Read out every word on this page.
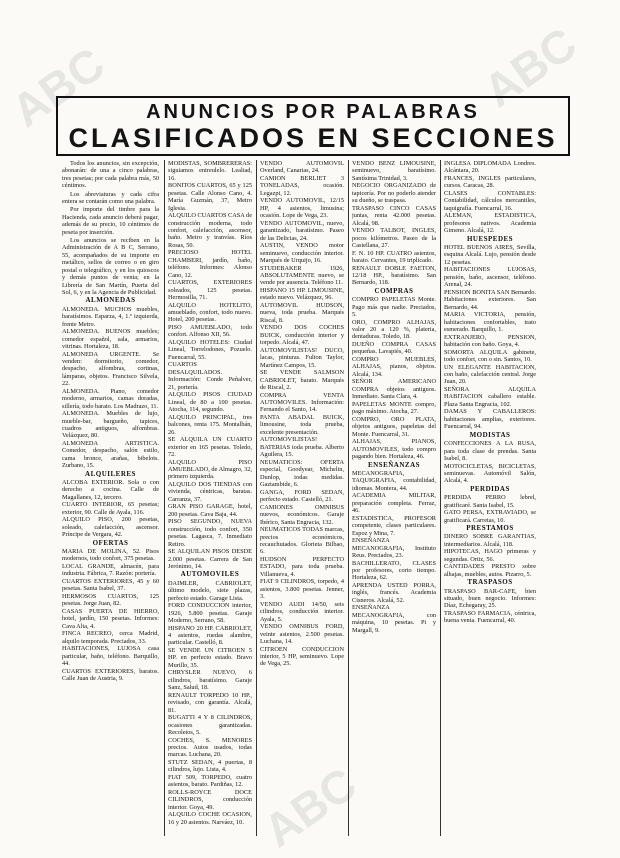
ABC	ABC
ABC
ANUNCIOS POR PALABRAS
CLASIFICADOS EN SECCIONES

Todos los anuncios, sin excepción, abonarán: de una a cinco palabras, tres pesetas; por cada palabra más, 50 céntimos.

Los abreviaturas y cada cifra entera se contarán como una palabra.

Por importe del timbre para la Hacienda, cada anuncio deberá pagar, además de su precio, 10 céntimos de peseta por inserción.

Los anuncios se reciben en la Administración de A B C, Serrano, 55, acompañados de su importe en metálico, sellos de correo o en giro postal o telegráfico, y en los quioscos y demás puntos de venta; en la Librería de San Martín, Puerta del Sol, 6, y en la Agencia de Publicidad.

ALMONEDAS

ALMONEDA. MUCHOS muebles, baratísimos. Esparza, 4, 1.º izquierda, frente Metro.

ALMONEDA. BUENOS muebles; comedor español, sala, armarios, vitrinas. Hortaleza, 18.

ALMONEDA URGENTE. Se venden: dormitorio, comedor, despacho, alfombras, cortinas, lámparas, objetos. Francisco Silvela, 22.

ALMONEDA. Piano, comedor moderno, armarios, camas doradas, sillería, todo barato. Los Madrazo, 11.

ALMONEDA. Muebles de lujo, mueble-bar, bargueño, tapices, cuadros antiguos, alfombras. Velázquez, 80.

ALMONEDA ARTISTICA. Comedor, despacho, salón estilo, cama bronce, arañas, bibelots. Zurbano, 15.

ALQUILERES

ALCOBA EXTERIOR. Sola o con derecho a cocina. Calle de Magallanes, 12, tercero.

CUARTO INTERIOR, 65 pesetas; exterior, 90. Calle de Ayala, 116.

ALQUILO PISO, 200 pesetas, soleado, calefacción, ascensor. Príncipe de Vergara, 42.

OFERTAS

MARIA DE MOLINA, 52. Pisos modernos, todo confort, 375 pesetas.

LOCAL GRANDE, almacén, para industria. Fábrica, 7. Razón: portería.

CUARTOS EXTERIORES, 45 y 60 pesetas. Santa Isabel, 37.

HERMOSOS CUARTOS, 125 pesetas. Jorge Juan, 82.

CASAS PUERTA DE HIERRO, hotel, jardín, 150 pesetas. Informes: Cava Alta, 4.

FINCA RECREO, cerca Madrid, alquilo temporada. Preciados, 33.

HABITACIONES, LUJOSA casa particular, baño, teléfono. Barquillo, 44.

CUARTOS EXTERIORES, baratos. Calle Juan de Austria, 9.

MODISTAS, SOMBRERERAS: siguiamos entreulelo. Lealtad, 16.

BONITOS CUARTOS, 65 y 125 pesetas. Calle Alonso Cano, 4. María Guzmán, 37, Metro Iglesia.

ALQUILO CUARTOS CASA de construcción moderna, todo confort, calefacción, ascensor, baño. Metro y tranvías. Ríos Rosas, 50.

PRECIOSO HOTEL CHAMBERI, jardín, baño, teléfono. Informes: Alonso Cano, 12.

CUARTOS, EXTERIORES soleados, 125 pesetas. Hermosilla, 71.

ALQUILO HOTELITO, amueblado, confort, todo nuevo. Hotel, 200 pesetas.

PISO AMUEBLADO, todo confort. Alfonso XII, 56.

ALQUILO HOTELES: Ciudad Lineal, Torrelodones, Pozuelo. Fuencarral, 55.

CUARTOS DESALQUILADOS. Información: Conde Peñalver, 21, portería.

ALQUILO PISOS CIUDAD Lineal, de 80 a 100 pesetas. Atocha, 114, segundo.

ALQUILO PRINCIPAL, tres balcones, renta 175. Montalbán, 26.

SE ALQUILA UN CUARTO exterior en 165 pesetas. Toledo, 72.

ALQUILO PISO AMUEBLADO, de Almagro, 32, primero izquierda.

ALQUILO DOS TIENDAS con vivienda, céntricas, baratas. Carranza, 37.

GRAN PISO GARAGE, hotel, 200 pesetas. Cava Baja, 44.

PISO SEGUNDO, NUEVA construcción, todo confort, 350 pesetas. Lagasca, 7. Inmediato Retiro.

SE ALQUILAN PISOS DESDE 2.000 pesetas. Carrera de San Jerónimo, 14.

AUTOMOVILES

DAIMLER, CABRIOLET, último modelo, siete plazas, perfecto estado. Garage Lista.

FORD CONDUCCION interior, 1926, 5.800 pesetas. Garaje Moderno, Serrano, 58.

HISPANO 20 HP. CABRIOLET, 4 asientos, ruedas alambre, particular. Castelló, 8.

SE VENDE UN CITROEN 5 HP. en perfecto estado. Bravo Murillo, 35.

CHRYSLER NUEVO, 6 cilindros, baratísimo. Garaje Sanz, Salud, 18.

RENAULT TORPEDO 10 HP., revisado, con garantía. Alcalá, 81.

BUGATTI 4 Y 8 CILINDROS, ocasiones garantizadas. Recoletos, 5.

COCHES, S. MENORES precios. Autos usados, todas marcas. Luchana, 20.

STUTZ SEDAN, 4 puertas, 8 cilindros, lujo. Lista, 4.

FIAT 509, TORPEDO, cuatro asientos, barato. Pardiñas, 12.

ROLLS-ROYCE DOCE CILINDROS, conducción interior. Goya, 49.

ALQUILO COCHE OCASION, 16 y 20 asientos. Narváez, 10.

VENDO AUTOMOVIL Overland, Canarias, 24.

CAMION BERLIET 3 TONELADAS, ocasión. Legazpi, 12.

VENDO AUTOMOVIL, 12/15 HP, 4 asientos, limusina; ocasión. Lope de Vega, 23.

VENDO AUTOMOVIL, nuevo, garantizado, baratísimo. Paseo de las Delicias, 24.

AUSTIN, VENDO motor seminuevo, conducción interior. Marqués de Urquijo, 16.

STUDEBAKER 1926, ABSOLUTAMENTE nuevo, se vende por ausencia. Teléfono 11.

HISPANO 15 HP. LIMOUSINE, estado nuevo. Velázquez, 96.

AUTOMOVIL HUDSON, nueva, toda prueba. Marqués Riscal, 8.

VENDO DOS COCHES BUICK, conducción interior y torpedo. Alcalá, 47.

AUTOMOVILISTAS! DUCO, lacas, pinturas. Fulton Taylor, Martínez Campos, 15.

SE VENDE SALMSON CABRIOLET, barato. Marqués de Riscal, 2.

COMPRA VENTA AUTOMOVILES. Información: Fernando el Santo, 14.

PANTA ABADAL BUICK, limousine, toda prueba, excelente presentación.

AUTOMOVILISTAS! BATERIAS toda prueba. Alberto Aguilera, 15.

NEUMATICOS: OFERTA especial, Goodyear, Michelin, Dunlop, todas medidas. Gaztambide, 6.

GANGA, FORD SEDAN, perfecto estado. Castelló, 21.

CAMIONES OMNIBUS nuevos, económicos. Garaje Ibérico, Santa Engracia, 132.

NEUMATICOS TODAS marcas, precios económicos, recauchutados. Glorieta Bilbao, 6.

HUDSON PERFECTO ESTADO, para toda prueba. Villanueva, 4.

FIAT 9 CILINDROS, torpedo, 4 asientos, 3.800 pesetas. Jenner, 3.

VENDO AUDI 14/50, seis cilindros, conducción interior. Ayala, 5.

VENDO OMNIBUS FORD, veinte asientos, 2.500 pesetas. Luchana, 14.

CITROEN CONDUCCION interior, 5 HP, seminuevo. Lope de Vega, 25.

VENDO BENZ LIMOUSINE, seminuevo, baratísimo. Santísima Trinidad, 3.

NEGOCIO ORGANIZADO de tapicería. Por no poderlo atender su dueño, se traspasa.

TRASPASO CINCO CASAS juntas, renta 42.000 pesetas. Alcalá, 98.

VENDO TALBOT, INGLES, pocos kilómetros. Paseo de la Castellana, 27.

F. N. 10 HP. CUATRO asientos, barato. Cervantes, 19 triplicado.

RENAULT DOBLE FAETON, 12/18 HP., baratísimo. San Bernardo, 118.

COMPRAS

COMPRO PAPELETAS Monte. Pago más que nadie. Preciados, 5.

ORO, COMPRO ALHAJAS, valor 20 a 120 %, plateria, dentaduras. Toledo, 18.

DUEÑO COMPRA CASAS pequeñas. Lavapiés, 40.

COMPRO MUEBLES, ALHAJAS, pianos, objetos. Alcalá, 134.

SEÑOR AMERICANO COMPRA objetos antiguos. Inmediato. Santa Clara, 4.

PAPELETAS MONTE compro, pago máximo. Atocha, 27.

COMPRO, ORO PLATA, objetos antiguos, papeletas del Monte. Fuencarral, 31.

ALHAJAS, PIANOS, AUTOMOVILES, todo compro pagando bien. Hortaleza, 46.

ENSEÑANZAS

MECANOGRAFIA, TAQUIGRAFIA, contabilidad, idiomas. Montera, 44.

ACADEMIA MILITAR, preparación completa. Ferraz, 46.

ESTADISTICA, PROFESOR competente, clases particulares. Espoz y Mina, 7.

ENSEÑANZA MECANOGRAFIA, Instituto Reus. Preciados, 23.

BACHILLERATO, CLASES por profesores, corto tiempo. Hortaleza, 62.

APRENDA USTED PORRA, inglés, francés. Academia Cisneros. Alcalá, 52.

ENSEÑANZA MECANOGRAFIA, con máquina, 10 pesetas. Pi y Margall, 9.

INGLESA DIPLOMADA Londres. Alcántara, 20.

FRANCES, INGLES particulares, cursos. Caracas, 28.

CLASES CONTABLES: Contabilidad, cálculos mercantiles, taquigrafía. Fuencarral, 16.

ALEMAN, ESTADISTICA, profesores nativos. Academia Gimeno. Alcalá, 12.

HUESPEDES

HOTEL BUENOS AIRES, Sevilla, esquina Alcalá. Lujo, pensión desde 12 pesetas.

HABITACIONES LUJOSAS, pensión, baño, ascensor, teléfono. Arenal, 24.

PENSION BONITA SAN Bernardo. Habitaciones exteriores. San Bernardo, 44.

MARIA VICTORIA, pensión, habitaciones confortables, trato esmerado. Barquillo, 1.

EXTRANJERO, PENSION, habitación con baño. Goya, 4.

SOMORTA ALQUILA gabinete, todo confort, con o sin. Santos, 10.

UN ELEGANTE HABITACION, con baño, calefacción central. Jorge Juan, 20.

SEÑORA ALQUILA HABITACION caballero estable. Plaza Santa Engracia, 102.

DAMAS Y CABALLEROS: habitaciones amplias, exteriores. Fuencarral, 94.

MODISTAS

CONFECCIONES A LA RUSA, para toda clase de prendas. Santa Isabel, 8.

MOTOCICLETAS, BICICLETAS, seminuevas. Automóvil Salón, Alcalá, 4.

PERDIDAS

PERDIDA PERRO lebrel, gratificaré. Santa Isabel, 15.

GATO PERSA, EXTRAVIADO, se gratificará. Carretas, 10.

PRESTAMOS

DINERO SOBRE GARANTIAS, intermediarios. Alcalá, 118.

HIPOTECAS, HAGO primeras y segundas. Ortiz, 56.

CANTIDADES PRESTO sobre alhajas, muebles, autos. Pizarro, 5.

TRASPASOS

TRASPASO BAR-CAFE, bien situado, buen negocio. Informes: Díaz, Echegaray, 25.

TRASPASO FARMACIA, céntrica, buena venta. Fuencarral, 40.
